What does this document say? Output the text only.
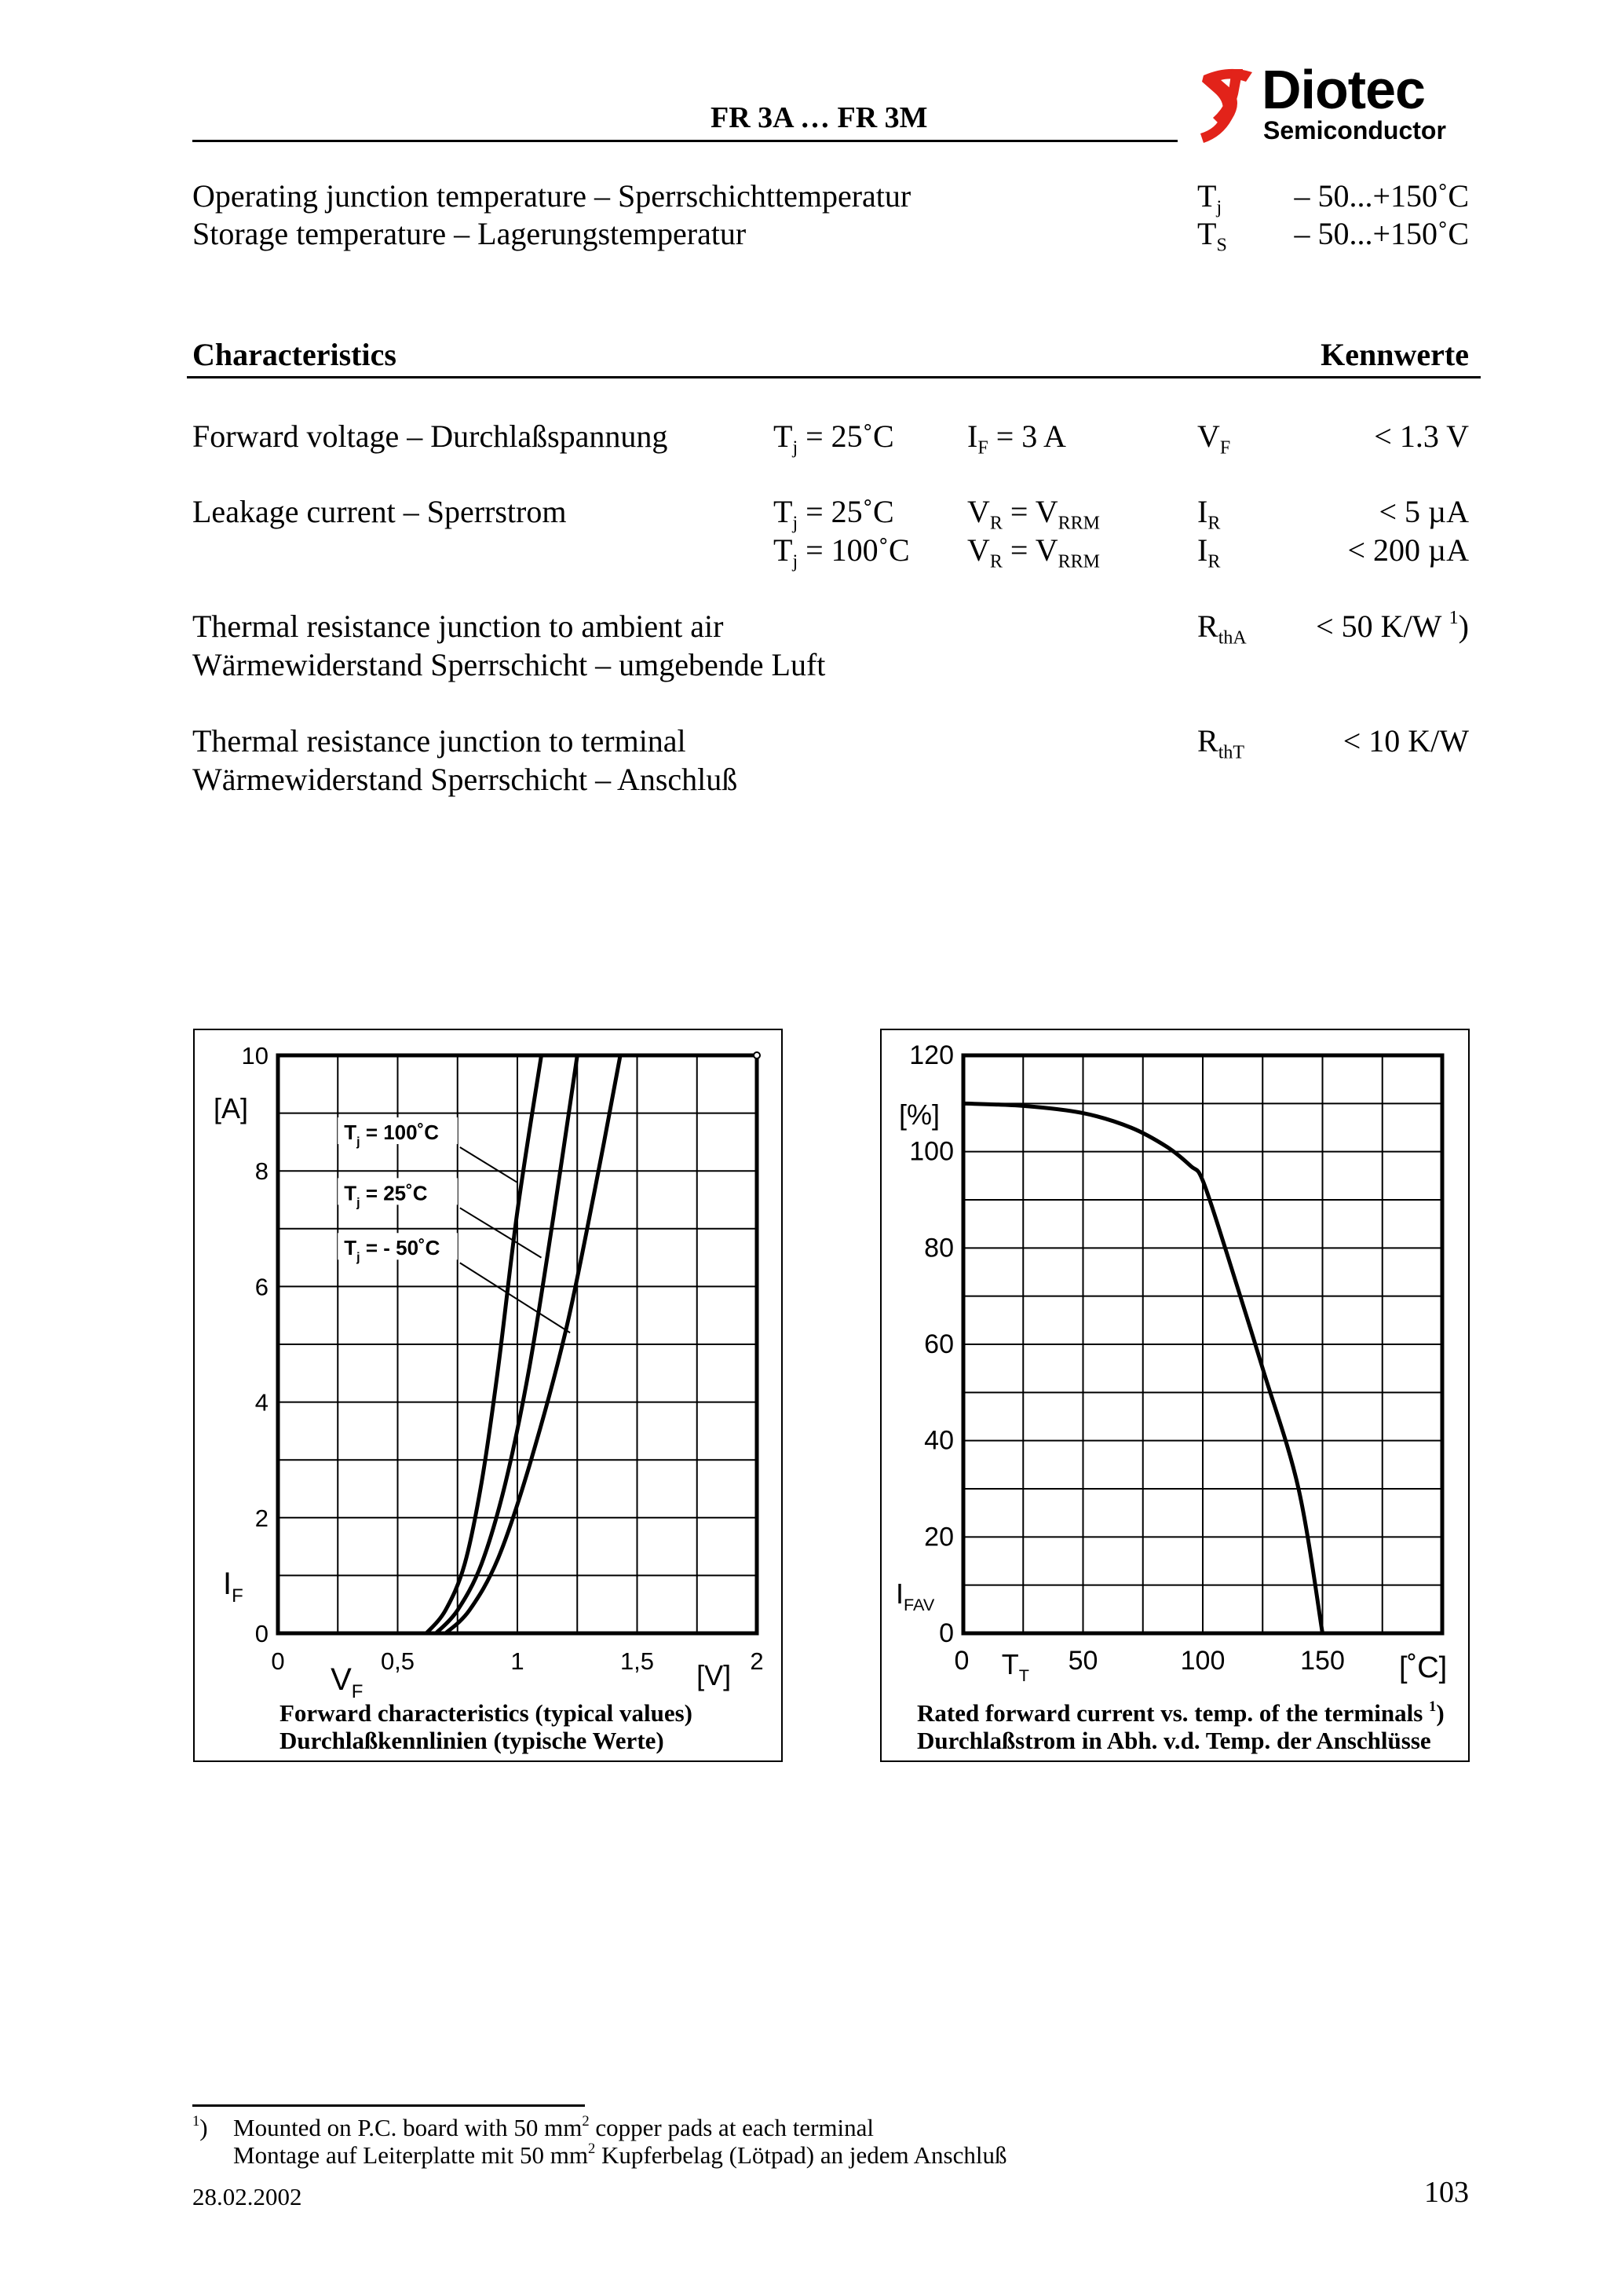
FR 3A … FR 3M	Diotec
Semiconductor
Operating junction temperature – Sperrschichttemperatur	$T_j$ – 50...+150˚C
Storage temperature – Lagerungstemperatur	$T_S$ – 50...+150˚C
Characteristics	Kennwerte
Forward voltage – Durchlaßspannung	$T_j$ = 25˚C $I_F = 3$ A	$V_F$	< 1.3 V
Leakage current – Sperrstrom	$T_j$ = 25˚C $V_R = V_{RRM}$	$I_R$	< 5 µA
$T_j$ = 100˚C $V_R = V_{RRM}$	$I_R$	< 200 µA
Thermal resistance junction to ambient air
Wärmewiderstand Sperrschicht – umgebende Luft
$R_{thA} < 50$ K/W $^1$)
Thermal resistance junction to terminal
Wärmewiderstand Sperrschicht – Anschluß
$R_{thT}$	< 10 K/W
0
2
4
6
8
10
0	0,5	1	1,5	2
[A]
$I_F$
$V_F$
[V]
$T_j$ = 100˚C
$T_j$ = 25˚C
$T_j$ = - 50˚C
Forward characteristics (typical values)
Durchlaßkennlinien (typische Werte)
0
20
40
60
80
100
120
0	50	100	150
[%]
$I_{FAV}$
$T_T$	[˚C]
Rated forward current vs. temp. of the terminals $^1$)
Durchlaßstrom in Abh. v.d. Temp. der Anschlüsse
$^1$) Mounted on P.C. board with 50 $mm^2$ copper pads at each terminal
Montage auf Leiterplatte mit 50 $mm^2$ Kupferbelag (Lötpad) an jedem Anschluß
28.02.2002	103
